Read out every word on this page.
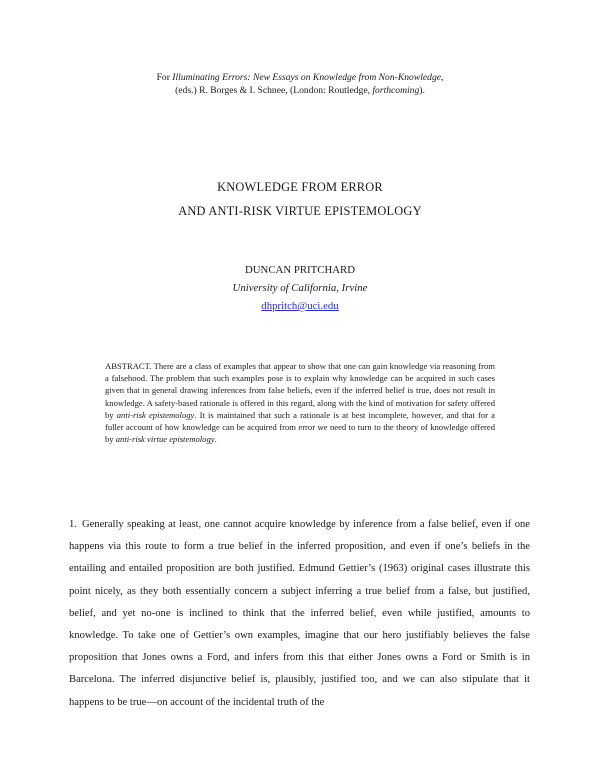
For Illuminating Errors: New Essays on Knowledge from Non-Knowledge,
(eds.) R. Borges & I. Schnee, (London: Routledge, forthcoming).
KNOWLEDGE FROM ERROR
AND ANTI-RISK VIRTUE EPISTEMOLOGY
DUNCAN PRITCHARD
University of California, Irvine
dhpritch@uci.edu
ABSTRACT. There are a class of examples that appear to show that one can gain knowledge via reasoning from a falsehood. The problem that such examples pose is to explain why knowledge can be acquired in such cases given that in general drawing inferences from false beliefs, even if the inferred belief is true, does not result in knowledge. A safety-based rationale is offered in this regard, along with the kind of motivation for safety offered by anti-risk epistemology. It is maintained that such a rationale is at best incomplete, however, and that for a fuller account of how knowledge can be acquired from error we need to turn to the theory of knowledge offered by anti-risk virtue epistemology.
1. Generally speaking at least, one cannot acquire knowledge by inference from a false belief, even if one happens via this route to form a true belief in the inferred proposition, and even if one’s beliefs in the entailing and entailed proposition are both justified. Edmund Gettier’s (1963) original cases illustrate this point nicely, as they both essentially concern a subject inferring a true belief from a false, but justified, belief, and yet no-one is inclined to think that the inferred belief, even while justified, amounts to knowledge. To take one of Gettier’s own examples, imagine that our hero justifiably believes the false proposition that Jones owns a Ford, and infers from this that either Jones owns a Ford or Smith is in Barcelona. The inferred disjunctive belief is, plausibly, justified too, and we can also stipulate that it happens to be true—on account of the incidental truth of the
